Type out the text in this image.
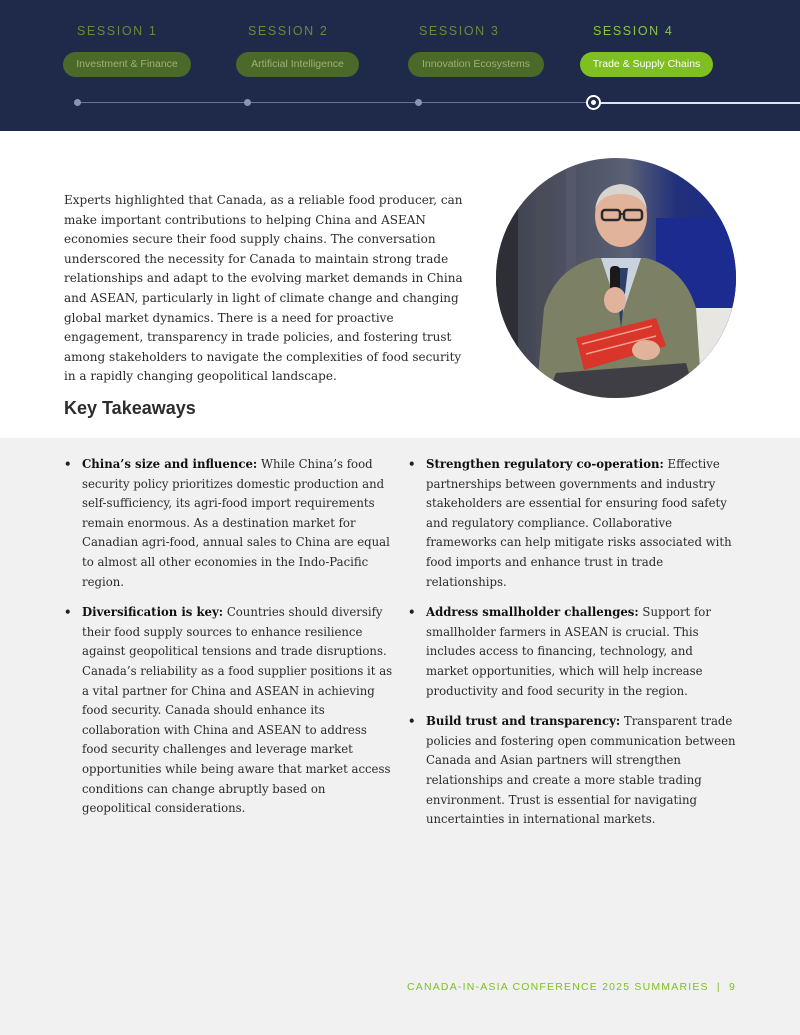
SESSION 1
Investment & Finance
SESSION 2
Artificial Intelligence
SESSION 3
Innovation Ecosystems
SESSION 4
Trade & Supply Chains

Experts highlighted that Canada, as a reliable food producer, can make important contributions to helping China and ASEAN economies secure their food supply chains. The conversation underscored the necessity for Canada to maintain strong trade relationships and adapt to the evolving market demands in China and ASEAN, particularly in light of climate change and changing global market dynamics. There is a need for proactive engagement, transparency in trade policies, and fostering trust among stakeholders to navigate the complexities of food security in a rapidly changing geopolitical landscape.

Key Takeaways
• China’s size and influence: While China’s food security policy prioritizes domestic production and self-sufficiency, its agri-food import requirements remain enormous. As a destination market for Canadian agri-food, annual sales to China are equal to almost all other economies in the Indo-Pacific region.
• Diversification is key: Countries should diversify their food supply sources to enhance resilience against geopolitical tensions and trade disruptions. Canada’s reliability as a food supplier positions it as a vital partner for China and ASEAN in achieving food security. Canada should enhance its collaboration with China and ASEAN to address food security challenges and leverage market opportunities while being aware that market access conditions can change abruptly based on geopolitical considerations.
• Strengthen regulatory co-operation: Effective partnerships between governments and industry stakeholders are essential for ensuring food safety and regulatory compliance. Collaborative frameworks can help mitigate risks associated with food imports and enhance trust in trade relationships.
• Address smallholder challenges: Support for smallholder farmers in ASEAN is crucial. This includes access to financing, technology, and market opportunities, which will help increase productivity and food security in the region.
• Build trust and transparency: Transparent trade policies and fostering open communication between Canada and Asian partners will strengthen relationships and create a more stable trading environment. Trust is essential for navigating uncertainties in international markets.
CANADA-IN-ASIA CONFERENCE 2025 SUMMARIES | 9
